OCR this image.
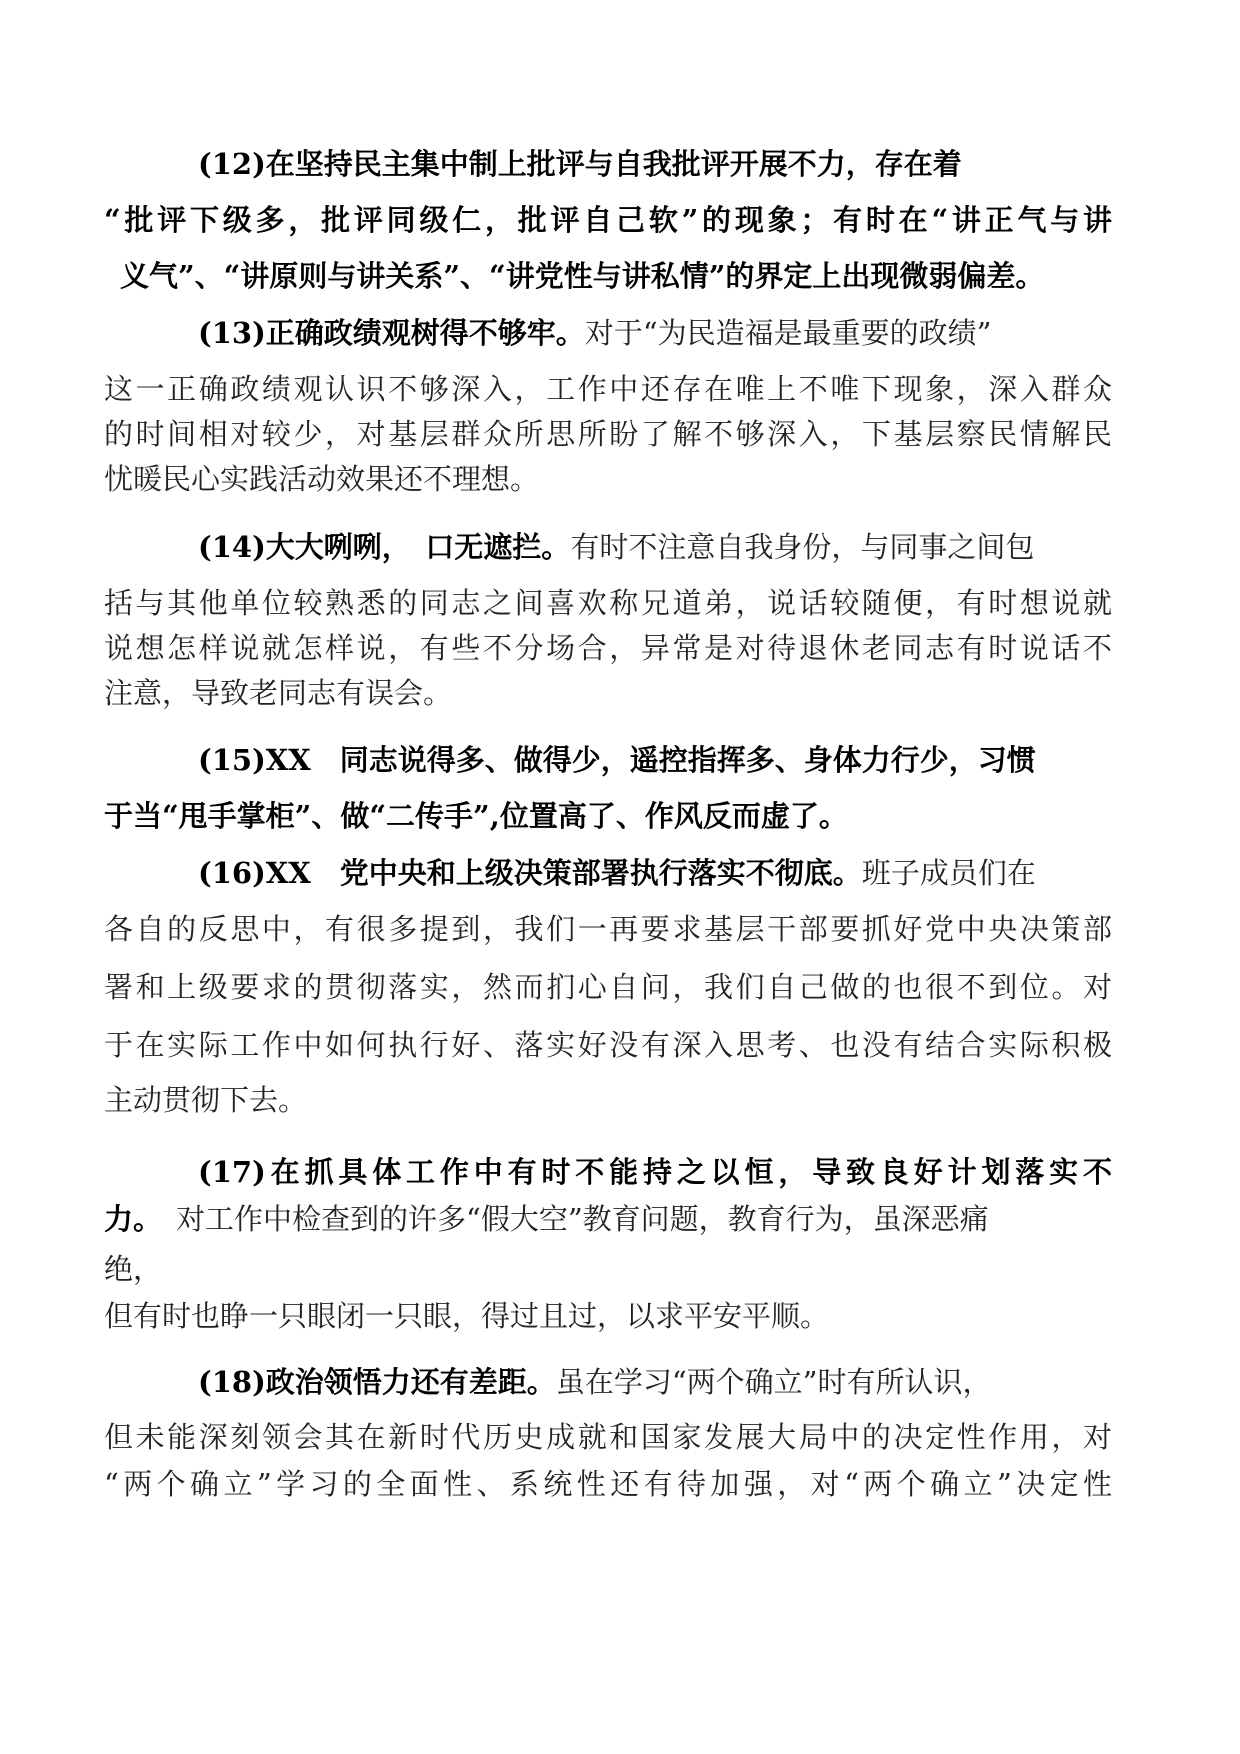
(12)在坚持民主集中制上批评与自我批评开展不力，存在着
“批评下级多，批评同级仁，批评自己软”的现象；有时在“讲正气与讲
义气”、“讲原则与讲关系”、“讲党性与讲私情”的界定上出现微弱偏差。
(13)正确政绩观树得不够牢。对于“为民造福是最重要的政绩”
这一正确政绩观认识不够深入，工作中还存在唯上不唯下现象，深入群众
的时间相对较少，对基层群众所思所盼了解不够深入，下基层察民情解民
忧暖民心实践活动效果还不理想。
(14)大大咧咧，　口无遮拦。有时不注意自我身份，与同事之间包
括与其他单位较熟悉的同志之间喜欢称兄道弟，说话较随便，有时想说就
说想怎样说就怎样说，有些不分场合，异常是对待退休老同志有时说话不
注意，导致老同志有误会。
(15)XX　同志说得多、做得少，遥控指挥多、身体力行少，习惯
于当“甩手掌柜”、做“二传手”,位置高了、作风反而虚了。
(16)XX　党中央和上级决策部署执行落实不彻底。班子成员们在
各自的反思中，有很多提到，我们一再要求基层干部要抓好党中央决策部
署和上级要求的贯彻落实，然而扪心自问，我们自己做的也很不到位。对
于在实际工作中如何执行好、落实好没有深入思考、也没有结合实际积极
主动贯彻下去。
(17)在抓具体工作中有时不能持之以恒，导致良好计划落实不
力。 对工作中检查到的许多“假大空”教育问题，教育行为，虽深恶痛
绝，
但有时也睁一只眼闭一只眼，得过且过，以求平安平顺。
(18)政治领悟力还有差距。虽在学习“两个确立”时有所认识，
但未能深刻领会其在新时代历史成就和国家发展大局中的决定性作用，对
“两个确立”学习的全面性、系统性还有待加强，对“两个确立”决定性
